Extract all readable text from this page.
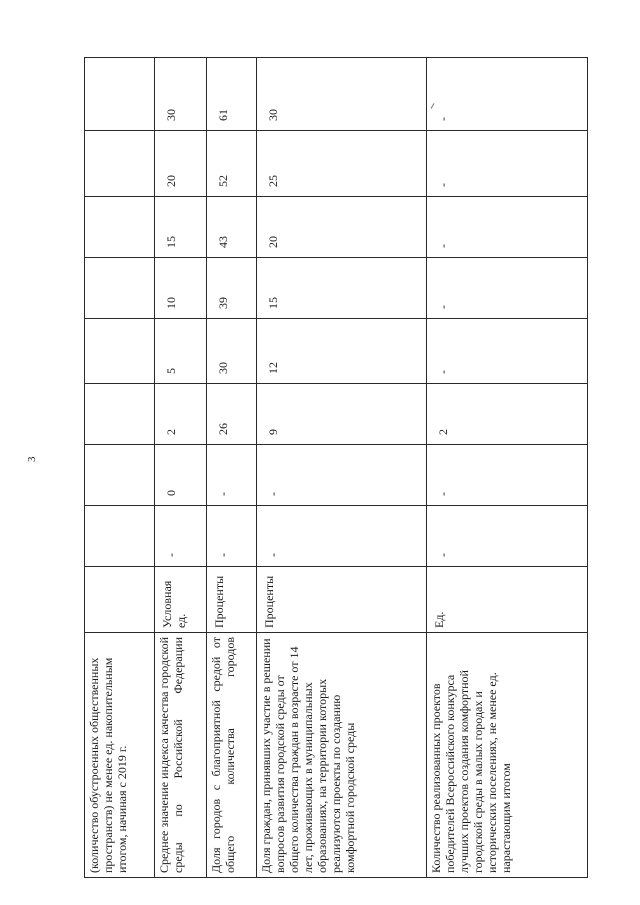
3
(количество обустроенных общественных пространств) не менее ед. накопительным итогом, начиная с 2019 г.									
Среднее значение индекса качества городской среды по Российской Федерации	Условная ед.	-	0	2	5	10	15	20	30
Доля городов с благоприятной средой от общего количества городов	Проценты	-	-	26	30	39	43	52	61
Доля граждан, принявших участие в решении вопросов развития городской среды от общего количества граждан в возрасте от 14 лет, проживающих в муниципальных образованиях, на территории которых реализуются проекты по созданию комфортной городской среды	Проценты	-	-	9	12	15	20	25	30
Количество реализованных проектов победителей Всероссийского конкурса лучших проектов создания комфортной городской среды в малых городах и исторических поселениях, не менее ед. нарастающим итогом	Ед.	-	-	2	-	-	-	-	-
